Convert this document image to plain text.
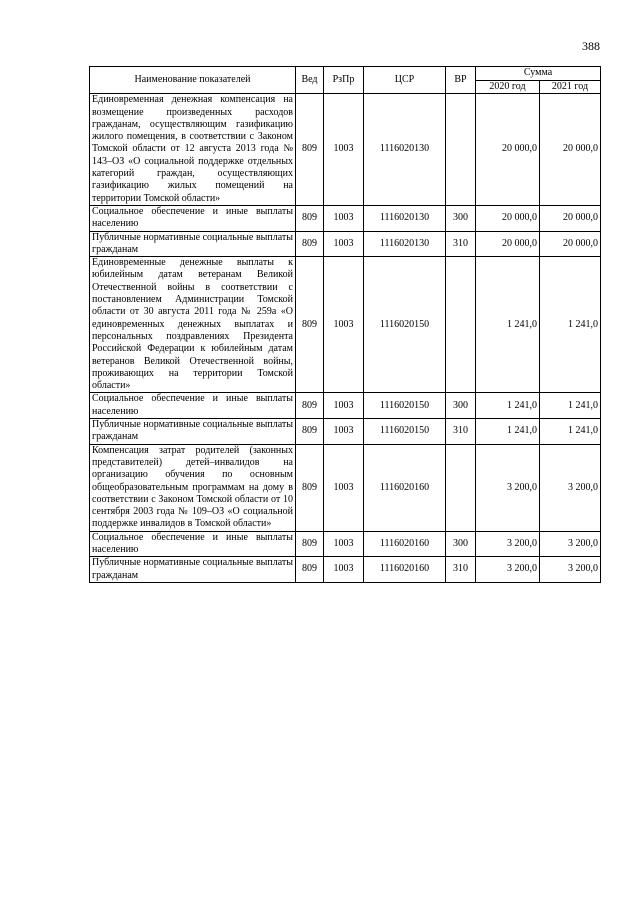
388
Наименование показателей	Вед	РзПр	ЦСР	ВР	Сумма	
					2020 год	2021 год
Единовременная денежная компенсация на возмещение произведенных расходов гражданам, осуществляющим газификацию жилого помещения, в соответствии с Законом Томской области от 12 августа 2013 года № 143–ОЗ «О социальной поддержке отдельных категорий граждан, осуществляющих газификацию жилых помещений на территории Томской области»	809	1003	1116020130		20 000,0	20 000,0
Социальное обеспечение и иные выплаты населению	809	1003	1116020130	300	20 000,0	20 000,0
Публичные нормативные социальные выплаты гражданам	809	1003	1116020130	310	20 000,0	20 000,0
Единовременные денежные выплаты к юбилейным датам ветеранам Великой Отечественной войны в соответствии с постановлением Администрации Томской области от 30 августа 2011 года № 259а «О единовременных денежных выплатах и персональных поздравлениях Президента Российской Федерации к юбилейным датам ветеранов Великой Отечественной войны, проживающих на территории Томской области»	809	1003	1116020150		1 241,0	1 241,0
Социальное обеспечение и иные выплаты населению	809	1003	1116020150	300	1 241,0	1 241,0
Публичные нормативные социальные выплаты гражданам	809	1003	1116020150	310	1 241,0	1 241,0
Компенсация затрат родителей (законных представителей) детей–инвалидов на организацию обучения по основным общеобразовательным программам на дому в соответствии с Законом Томской области от 10 сентября 2003 года № 109–ОЗ «О социальной поддержке инвалидов в Томской области»	809	1003	1116020160		3 200,0	3 200,0
Социальное обеспечение и иные выплаты населению	809	1003	1116020160	300	3 200,0	3 200,0
Публичные нормативные социальные выплаты гражданам	809	1003	1116020160	310	3 200,0	3 200,0
